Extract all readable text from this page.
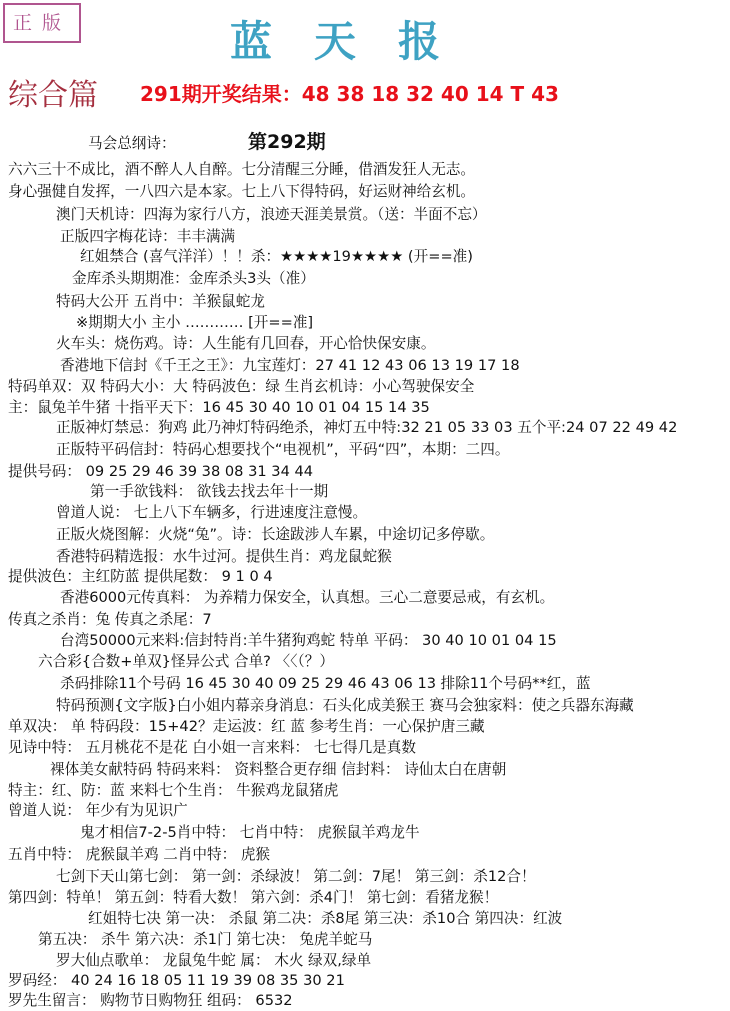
正版	蓝天报
综合篇 291期开奖结果：48 38 18 32 40 14 T 43
第292期
马会总纲诗：
六六三十不成比，酒不醉人人自醉。七分清醒三分睡，借酒发狂人无志。
身心强健自发挥，一八四六是本家。七上八下得特码，好运财神给玄机。
澳门天机诗：四海为家行八方，浪迹天涯美景赏。（送：半面不忘）
正版四字梅花诗：丰丰满满
红姐禁合 (喜气洋洋）！！杀：★★★★19★★★★ (开==准)
金库杀头期期准：金库杀头3头（准）
特码大公开 五肖中：羊猴鼠蛇龙
※期期大小 主小 ………… [开==准]
火车头：烧伤鸡。诗：人生能有几回春，开心恰快保安康。
香港地下信封《千王之王》：九宝莲灯：27 41 12 43 06 13 19 17 18
特码单双：双 特码大小：大 特码波色：绿 生肖玄机诗：小心驾驶保安全
主：鼠兔羊牛猪 十指平天下：16 45 30 40 10 01 04 15 14 35
正版神灯禁忌：狗鸡 此乃神灯特码绝杀，神灯五中特:32 21 05 33 03 五个平:24 07 22 49 42
正版特平码信封：特码心想要找个“电视机”，平码“四”，本期：二四。
提供号码： 09 25 29 46 39 38 08 31 34 44
第一手欲钱料： 欲钱去找去年十一期
曾道人说： 七上八下车辆多，行进速度注意慢。
正版火烧图解：火烧“兔”。诗：长途跋涉人车累，中途切记多停歇。
香港特码精选报：水牛过河。提供生肖：鸡龙鼠蛇猴
提供波色：主红防蓝 提供尾数： 9 1 0 4
香港6000元传真料： 为养精力保安全，认真想。三心二意要忌戒，有玄机。
传真之杀肖：兔 传真之杀尾：7
台湾50000元来料:信封特肖:羊牛猪狗鸡蛇 特单 平码： 30 40 10 01 04 15
六合彩{合数+单双}怪异公式 合单? 〈〈（？）
杀码排除11个号码 16 45 30 40 09 25 29 46 43 06 13 排除11个号码**红，蓝
特码预测{文字版}白小姐内幕亲身消息：石头化成美猴王 赛马会独家料：使之兵器东海藏
单双决： 单 特码段：15+42？走运波：红 蓝 参考生肖：一心保护唐三藏
见诗中特： 五月桃花不是花 白小姐一言来料： 七七得几是真数
裸体美女献特码 特码来料： 资料整合更存细 信封料： 诗仙太白在唐朝
特主：红、防：蓝 来料七个生肖： 牛猴鸡龙鼠猪虎
曾道人说： 年少有为见识广
鬼才相信7-2-5肖中特： 七肖中特： 虎猴鼠羊鸡龙牛
五肖中特： 虎猴鼠羊鸡 二肖中特： 虎猴
七剑下天山第七剑： 第一剑：杀绿波！ 第二剑：7尾！ 第三剑：杀12合！
第四剑：特单！ 第五剑：特看大数！ 第六剑：杀4门！ 第七剑：看猪龙猴！
红姐特七决 第一决： 杀鼠 第二决：杀8尾 第三决：杀10合 第四决：红波
第五决： 杀牛 第六决：杀1门 第七决： 兔虎羊蛇马
罗大仙点歌单： 龙鼠兔牛蛇 属： 木火 绿双,绿单
罗码经： 40 24 16 18 05 11 19 39 08 35 30 21
罗先生留言： 购物节日购物狂 组码： 6532
